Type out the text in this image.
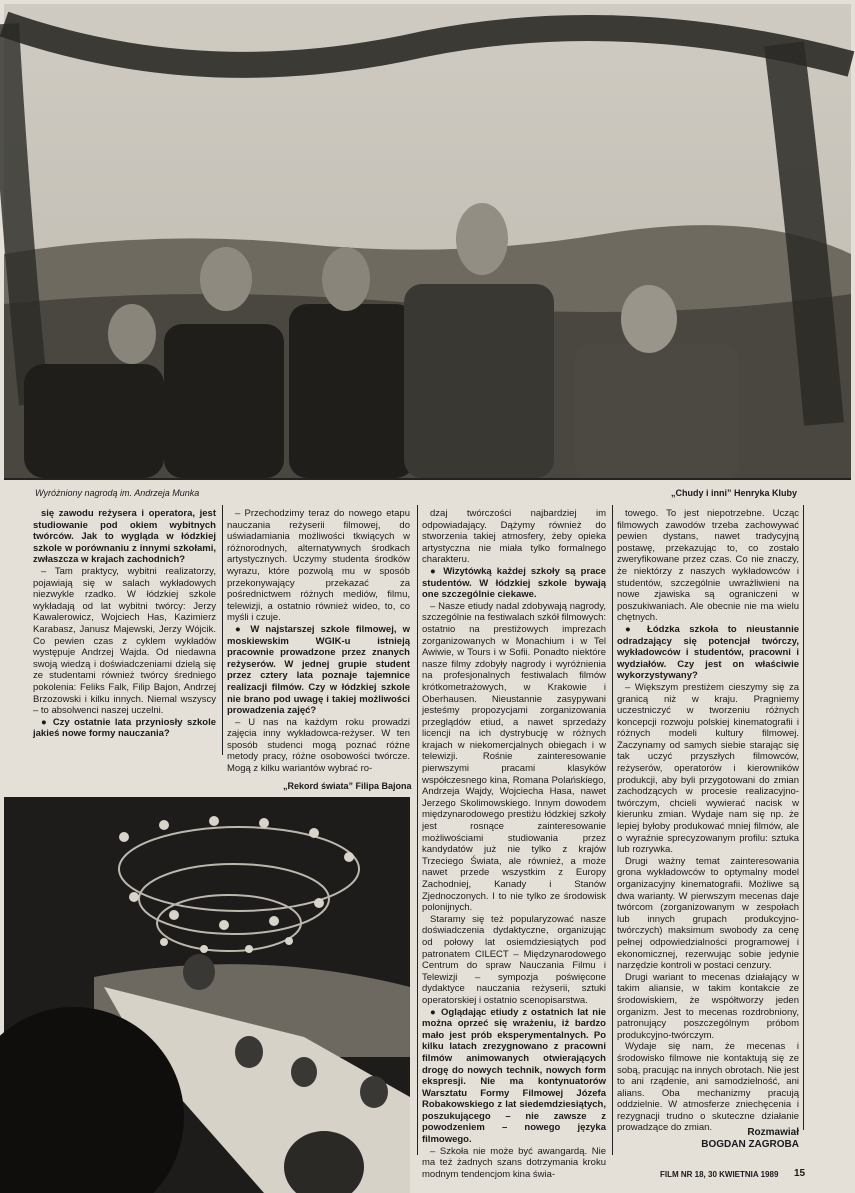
Wyróżniony nagrodą im. Andrzeja Munka	„Chudy i inni” Henryka Kluby

się zawodu reżysera i operatora, jest studiowanie pod okiem wybitnych twórców. Jak to wygląda w łódzkiej szkole w porównaniu z innymi szkołami, zwłaszcza w krajach zachodnich?

– Tam praktycy, wybitni realizatorzy, pojawiają się w salach wykładowych niezwykle rzadko. W łódzkiej szkole wykładają od lat wybitni twórcy: Jerzy Kawalerowicz, Wojciech Has, Kazimierz Karabasz, Janusz Majewski, Jerzy Wójcik. Co pewien czas z cyklem wykładów występuje Andrzej Wajda. Od niedawna swoją wiedzą i doświadczeniami dzielą się ze studentami również twórcy średniego pokolenia: Feliks Falk, Filip Bajon, Andrzej Brzozowski i kilku innych. Niemal wszyscy – to absolwenci naszej uczelni.

● Czy ostatnie lata przyniosły szkole jakieś nowe formy nauczania?

– Przechodzimy teraz do nowego etapu nauczania reżyserii filmowej, do uświadamiania możliwości tkwiących w różnorodnych, alternatywnych środkach artystycznych. Uczymy studenta środków wyrazu, które pozwolą mu w sposób przekonywający przekazać za pośrednictwem różnych mediów, filmu, telewizji, a ostatnio również wideo, to, co myśli i czuje.

● W najstarszej szkole filmowej, w moskiewskim WGIK-u istnieją pracownie prowadzone przez znanych reżyserów. W jednej grupie student przez cztery lata poznaje tajemnice realizacji filmów. Czy w łódzkiej szkole nie brano pod uwagę i takiej możliwości prowadzenia zajęć?

– U nas na każdym roku prowadzi zajęcia inny wykładowca-reżyser. W ten sposób studenci mogą poznać różne metody pracy, różne osobowości twórcze. Mogą z kilku wariantów wybrać ro-

„Rekord świata” Filipa Bajona

dzaj twórczości najbardziej im odpowiadający. Dążymy również do stworzenia takiej atmosfery, żeby opieka artystyczna nie miała tylko formalnego charakteru.

● Wizytówką każdej szkoły są prace studentów. W łódzkiej szkole bywają one szczególnie ciekawe.

– Nasze etiudy nadal zdobywają nagrody, szczególnie na festiwalach szkół filmowych: ostatnio na prestiżowych imprezach zorganizowanych w Monachium i w Tel Awiwie, w Tours i w Sofii. Ponadto niektóre nasze filmy zdobyły nagrody i wyróżnienia na profesjonalnych festiwalach filmów krótkometrażowych, w Krakowie i Oberhausen. Nieustannie zasypywani jesteśmy propozycjami zorganizowania przeglądów etiud, a nawet sprzedaży licencji na ich dystrybucję w różnych krajach w niekomercjalnych obiegach i w telewizji. Rośnie zainteresowanie pierwszymi pracami klasyków współczesnego kina, Romana Polańskiego, Andrzeja Wajdy, Wojciecha Hasa, nawet Jerzego Skolimowskiego. Innym dowodem międzynarodowego prestiżu łódzkiej szkoły jest rosnące zainteresowanie możliwościami studiowania przez kandydatów już nie tylko z krajów Trzeciego Świata, ale również, a może nawet przede wszystkim z Europy Zachodniej, Kanady i Stanów Zjednoczonych. I to nie tylko ze środowisk polonijnych.

Staramy się też popularyzować nasze doświadczenia dydaktyczne, organizując od połowy lat osiemdziesiątych pod patronatem CILECT – Międzynarodowego Centrum do spraw Nauczania Filmu i Telewizji – sympozja poświęcone dydaktyce nauczania reżyserii, sztuki operatorskiej i ostatnio scenopisarstwa.

● Oglądając etiudy z ostatnich lat nie można oprzeć się wrażeniu, iż bardzo mało jest prób eksperymentalnych. Po kilku latach zrezygnowano z pracowni filmów animowanych otwierających drogę do nowych technik, nowych form ekspresji. Nie ma kontynuatorów Warsztatu Formy Filmowej Józefa Robakowskiego z lat siedemdziesiątych, poszukującego – nie zawsze z powodzeniem – nowego języka filmowego.

– Szkoła nie może być awangardą. Nie ma też żadnych szans dotrzymania kroku modnym tendencjom kina świa-

towego. To jest niepotrzebne. Ucząc filmowych zawodów trzeba zachowywać pewien dystans, nawet tradycyjną postawę, przekazując to, co zostało zweryfikowane przez czas. Co nie znaczy, że niektórzy z naszych wykładowców i studentów, szczególnie uwrażliwieni na nowe zjawiska są ograniczeni w poszukiwaniach. Ale obecnie nie ma wielu chętnych.

● Łódzka szkoła to nieustannie odradzający się potencjał twórczy, wykładowców i studentów, pracowni i wydziałów. Czy jest on właściwie wykorzystywany?

– Większym prestiżem cieszymy się za granicą niż w kraju. Pragniemy uczestniczyć w tworzeniu różnych koncepcji rozwoju polskiej kinematografii i różnych modeli kultury filmowej. Zaczynamy od samych siebie starając się tak uczyć przyszłych filmowców, reżyserów, operatorów i kierowników produkcji, aby byli przygotowani do zmian zachodzących w procesie realizacyjno-twórczym, chcieli wywierać nacisk w kierunku zmian. Wydaje nam się np. że lepiej byłoby produkować mniej filmów, ale o wyraźnie sprecyzowanym profilu: sztuka lub rozrywka.

Drugi ważny temat zainteresowania grona wykładowców to optymalny model organizacyjny kinematografii. Możliwe są dwa warianty. W pierwszym mecenas daje twórcom (zorganizowanym w zespołach lub innych grupach produkcyjno-twórczych) maksimum swobody za cenę pełnej odpowiedzialności programowej i ekonomicznej, rezerwując sobie jedynie narzędzie kontroli w postaci cenzury.

Drugi wariant to mecenas działający w takim aliansie, w takim kontakcie ze środowiskiem, że współtworzy jeden organizm. Jest to mecenas rozdrobniony, patronujący poszczególnym próbom produkcyjno-twórczym.

Wydaje się nam, że mecenas i środowisko filmowe nie kontaktują się ze sobą, pracując na innych obrotach. Nie jest to ani rządenie, ani samodzielność, ani alians. Oba mechanizmy pracują oddzielnie. W atmosferze zniechęcenia i rezygnacji trudno o skuteczne działanie prowadzące do zmian.	Rozmawiał
BOGDAN ZAGROBA
FILM NR 18, 30 KWIETNIA 1989 15
